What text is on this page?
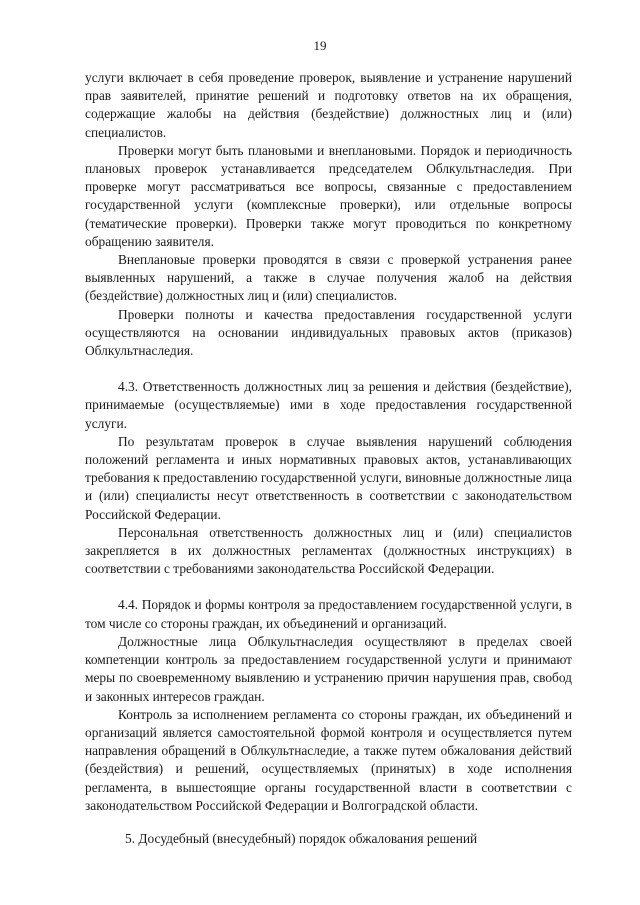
19

услуги включает в себя проведение проверок, выявление и устранение нарушений прав заявителей, принятие решений и подготовку ответов на их обращения, содержащие жалобы на действия (бездействие) должностных лиц и (или) специалистов.

Проверки могут быть плановыми и внеплановыми. Порядок и периодичность плановых проверок устанавливается председателем Облкультнаследия. При проверке могут рассматриваться все вопросы, связанные с предоставлением государственной услуги (комплексные проверки), или отдельные вопросы (тематические проверки). Проверки также могут проводиться по конкретному обращению заявителя.

Внеплановые проверки проводятся в связи с проверкой устранения ранее выявленных нарушений, а также в случае получения жалоб на действия (бездействие) должностных лиц и (или) специалистов.

Проверки полноты и качества предоставления государственной услуги осуществляются на основании индивидуальных правовых актов (приказов) Облкультнаследия.

4.3. Ответственность должностных лиц за решения и действия (бездействие), принимаемые (осуществляемые) ими в ходе предоставления государственной услуги.

По результатам проверок в случае выявления нарушений соблюдения положений регламента и иных нормативных правовых актов, устанавливающих требования к предоставлению государственной услуги, виновные должностные лица и (или) специалисты несут ответственность в соответствии с законодательством Российской Федерации.

Персональная ответственность должностных лиц и (или) специалистов закрепляется в их должностных регламентах (должностных инструкциях) в соответствии с требованиями законодательства Российской Федерации.

4.4. Порядок и формы контроля за предоставлением государственной услуги, в том числе со стороны граждан, их объединений и организаций.

Должностные лица Облкультнаследия осуществляют в пределах своей компетенции контроль за предоставлением государственной услуги и принимают меры по своевременному выявлению и устранению причин нарушения прав, свобод и законных интересов граждан.

Контроль за исполнением регламента со стороны граждан, их объединений и организаций является самостоятельной формой контроля и осуществляется путем направления обращений в Облкультнаследие, а также путем обжалования действий (бездействия) и решений, осуществляемых (принятых) в ходе исполнения регламента, в вышестоящие органы государственной власти в соответствии с законодательством Российской Федерации и Волгоградской области.

5. Досудебный (внесудебный) порядок обжалования решений
